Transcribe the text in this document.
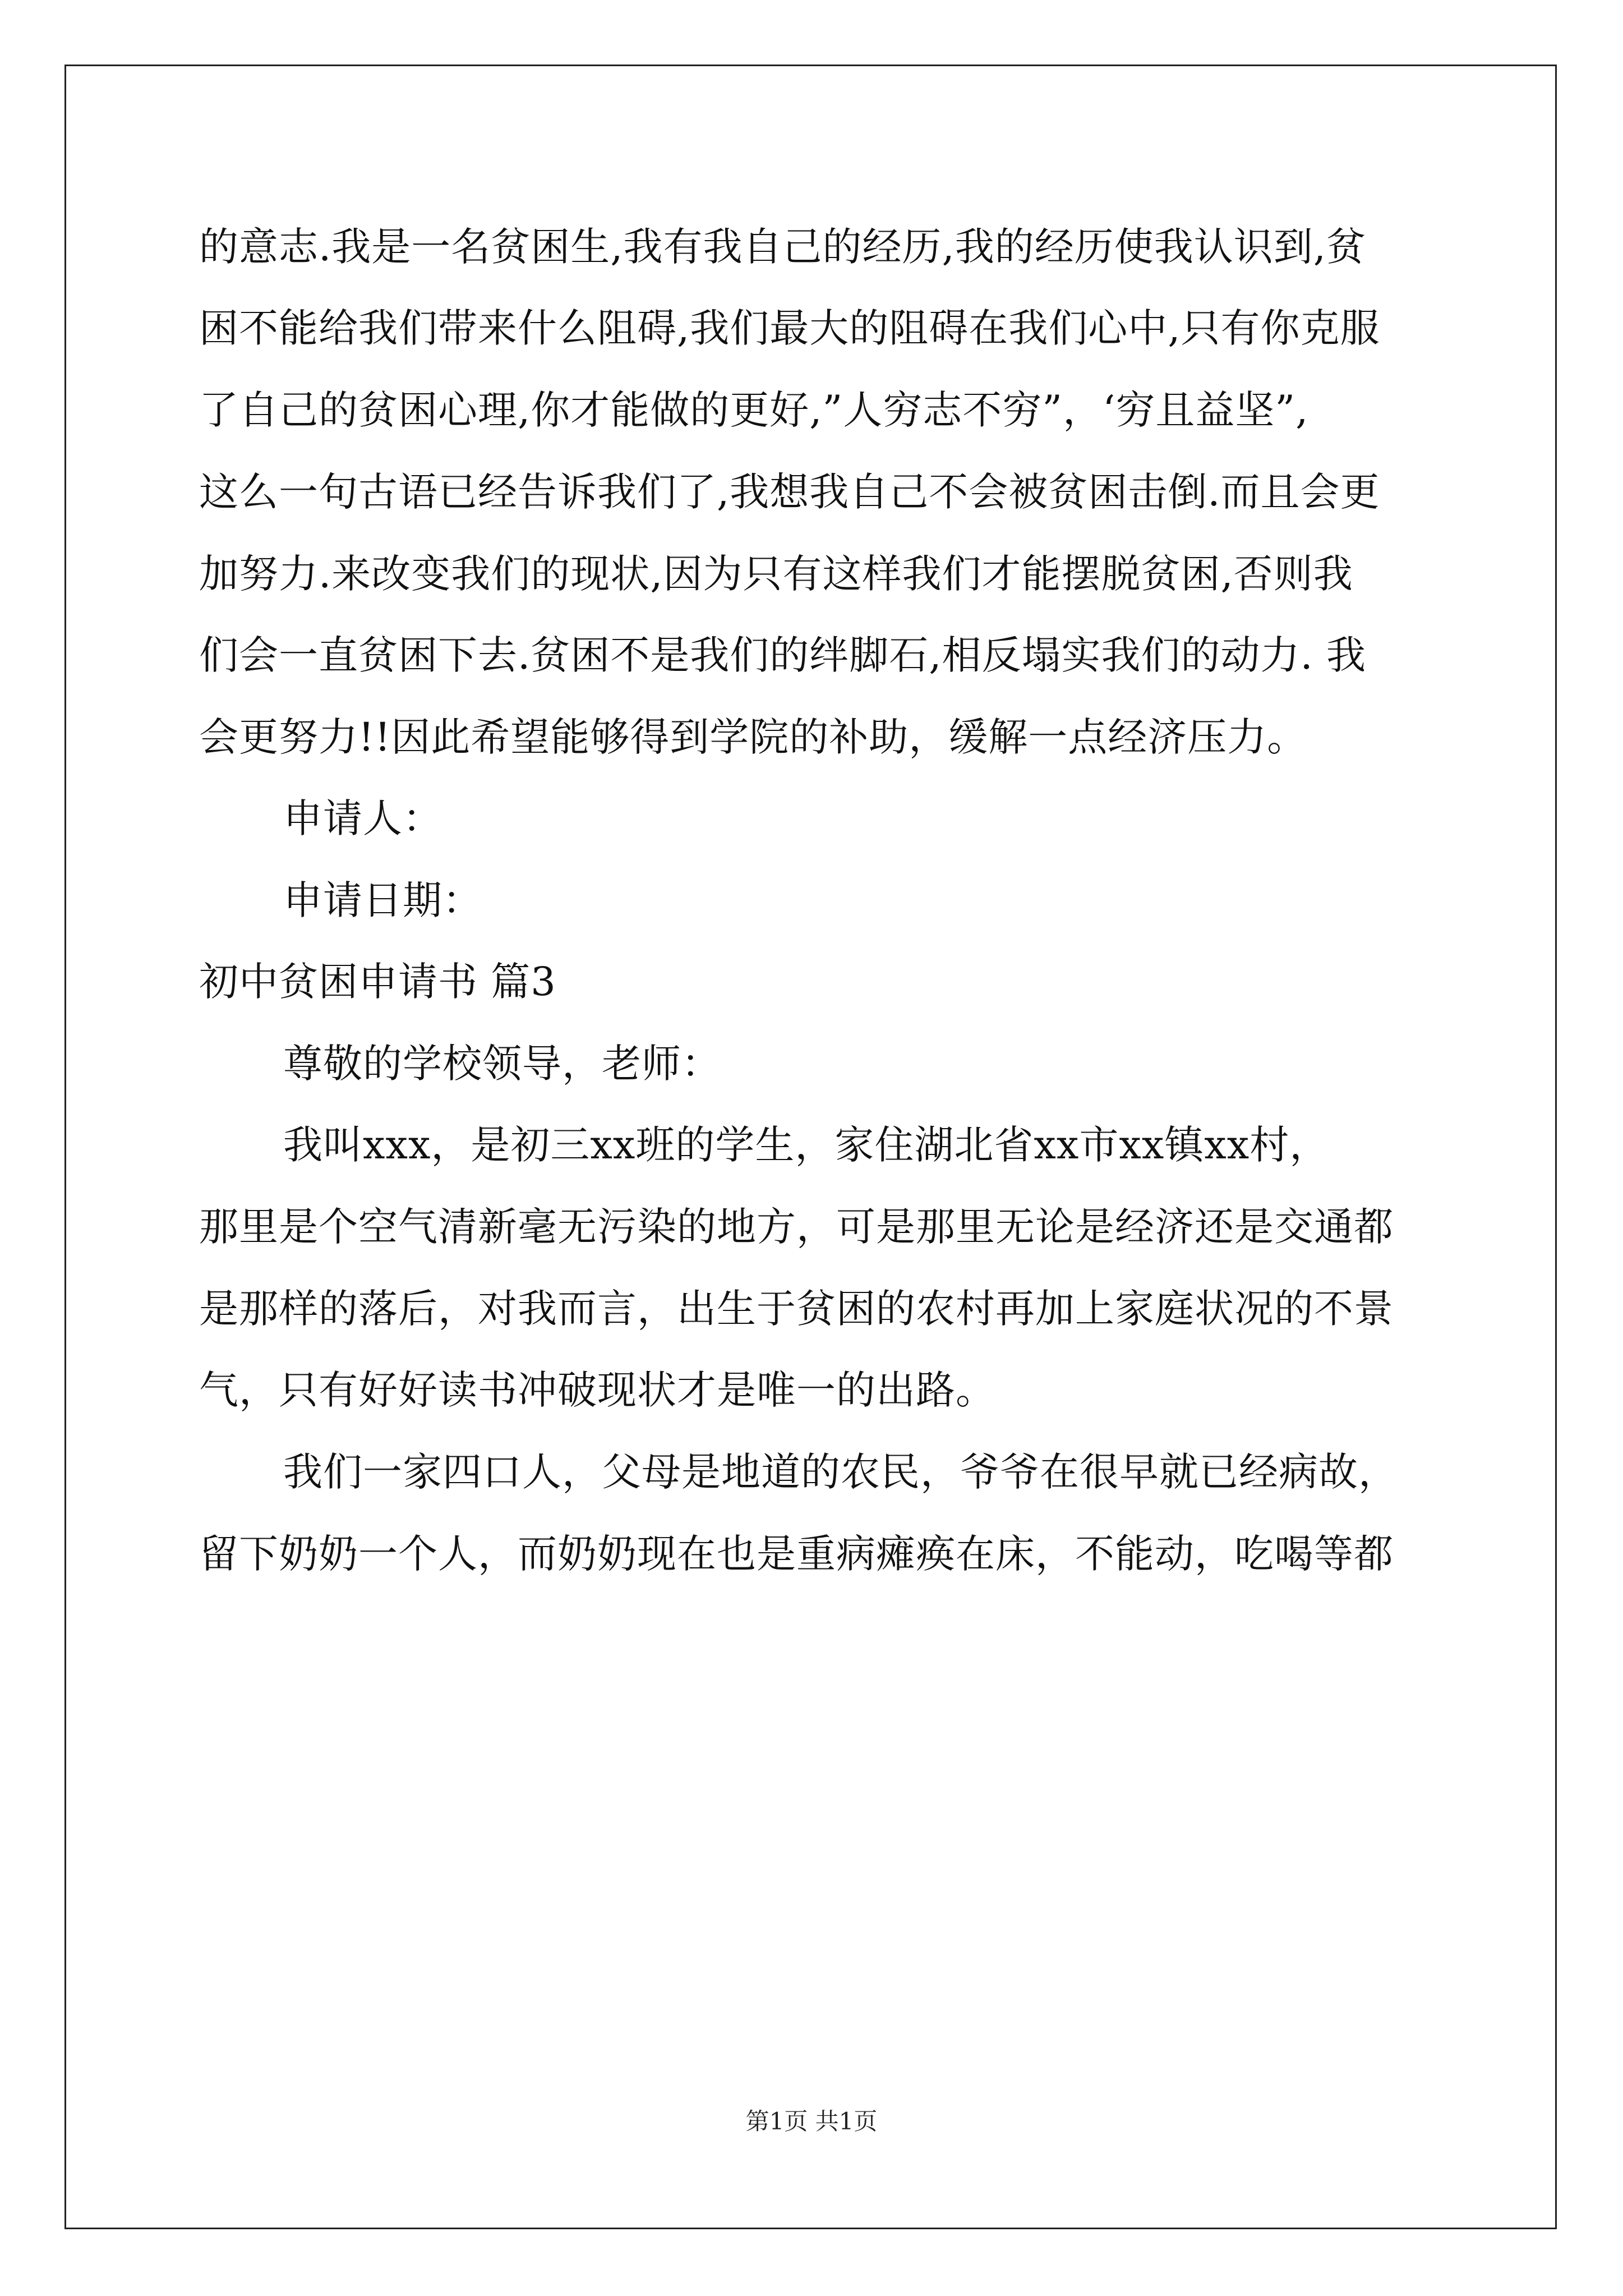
的意志.我是一名贫困生,我有我自己的经历,我的经历使我认识到,贫
困不能给我们带来什么阻碍,我们最大的阻碍在我们心中,只有你克服
了自己的贫困心理,你才能做的更好,”人穷志不穷”，‘穷且益坚”,
这么一句古语已经告诉我们了,我想我自己不会被贫困击倒.而且会更
加努力.来改变我们的现状,因为只有这样我们才能摆脱贫困,否则我
们会一直贫困下去.贫困不是我们的绊脚石,相反塌实我们的动力. 我
会更努力!!因此希望能够得到学院的补助，缓解一点经济压力。
申请人：
申请日期：
初中贫困申请书 篇3
尊敬的学校领导，老师：
我叫xxx，是初三xx班的学生，家住湖北省xx市xx镇xx村，
那里是个空气清新毫无污染的地方，可是那里无论是经济还是交通都
是那样的落后，对我而言，出生于贫困的农村再加上家庭状况的不景
气，只有好好读书冲破现状才是唯一的出路。
我们一家四口人，父母是地道的农民，爷爷在很早就已经病故，
留下奶奶一个人，而奶奶现在也是重病瘫痪在床，不能动，吃喝等都
第1页 共1页
